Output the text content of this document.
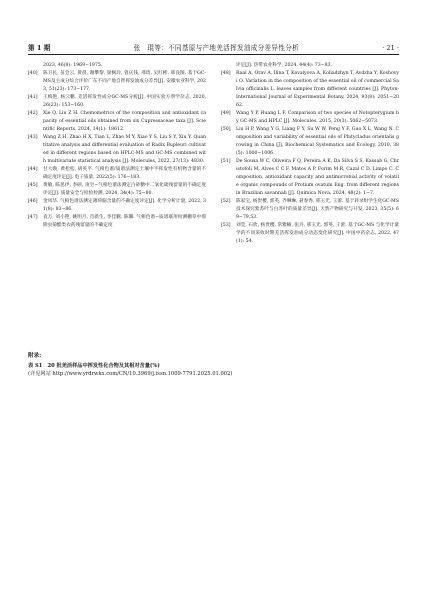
第 1 期	张　琨等：不同基原与产地羌活挥发油成分差异性分析	· 21 ·
2023, 46(8): 1969−1975.
[40]	陈卫民, 苗会云, 黄晨, 谢攀黎, 梁枫玲, 曾庆钱, 邢琦, 吴红彬, 邢良图. 基于GC-MS及主成分综合评价广东不同产地自智挥发油成分差异[J]. 安徽农业科学, 2023, 51(23): 173−177.
[41]	王梅艳, 杨云鹏. 羌活挥发性成分GC-MS分析[J]. 中国实验方剂学杂志, 2020, 26(23): 153−160.
[42]	Xie Q, Liu Z H. Chemometrics of the composition and antioxidant capacity of essential oils obtained from six Cupressaceae taxa [J]. Scientific Reports, 2024, 14(1): 18612.
[43]	Wang Z H, Zhao H X, Tian L, Zhao M Y, Xiao Y S, Liu S Y, Xiu Y. Quantitative analysis and differential evaluation of Radix Bupleuri cultivated in different regions based on HPLC-MS and GC-MS combined with multivariate statistical analysis [J]. Molecules, 2022, 27(13): 4830.
[44]	甘大焕, 黄松松, 胡英平. 气相色谱/质谱法测定土壤中半挥发性有机物含量的不确定度评定[J]. 电子质量, 2022(5): 176−183.
[45]	黄敏, 陈思伊, 李硕, 顶空−气相色谱法测定白砂糖中二氧化硫残留量的不确定度评定[J]. 质量安全与检验检测, 2024, 34(4): 75−80.
[46]	金凤华. 气相色谱法测定薄荷脑含量的不确定度评定[J]. 化学分析计量, 2022, 31(8): 83−86.
[47]	袁万, 刘小艳, 姚明月, 肖新生, 李佳鹏, 陈馨. 气相色谱−质谱联用检测棚草中那除虫菊酯类农药残留量的不确定度
评定[J]. 热带农业科学, 2024, 44(4): 73−83.
[48]	Raal A, Orav A, Ilina T, Kovalyova A, Koliadzhyn T, Avdzha Y, Koshovyi O. Variation in the composition of the essential oil of commercial Salvia officinalis L. leaves samples from different countries [J]. Phyton-International Journal of Experimental Botany, 2024, 93(8): 2051−2062.
[49]	Wang Y P, Huang L F. Comparison of two species of Notopterygium by GC-MS and HPLC [J]. Molecules, 2015, 20(3): 5062−5073.
[50]	Liu H P, Wang Y G, Liang F Y, Su W W, Peng Y F, Guo X L, Wang N. Composition and variability of essential oils of Platycladus orientalis growing in China [J]. Biochemical Systematics and Ecology, 2010, 38(5): 1000−1006.
[51]	De Sousa W C, Oliveira F Q, Pereira A K, Da Silva S S, Kassab G, Christofoli M, Alves C C F, Matos A P, Forim M R, Cazal C D, Limpo C. Composition, antioxidant capacity and antimicrobial activity of volatile organic compounds of Protium ovatum Eng. from different regions in Brazilian savannah [J]. Quimica Nova, 2024, 48(2): 1−7.
[52]	陈家宝, 杨贵樱, 郭英, 齐琳琳, 聂春秀, 邢玉光, 王蕾. 基于转录组学生化GC-MS技术探究紫苏叶与白苏叶的质量差异[J]. 天然产物研究与开发, 2023, 35(5): 69−79,53.
[53]	刘莹, 石欣, 杨贵樱, 常雅楠, 张丹, 邢玉光, 郭英, 王蕾. 基于GC-MS 与化学计量学的不同采收时期羌活挥发油成分动态变化研究[J]. 中国中药杂志, 2022, 47(1): 54.
附录:
表 S1　20 批羌活样品中挥发性化合物及其相对含量(%)
(详见网站 http://www.yrdrwkx.com/CN/10.3969/j.issn.1009-7791.2025.01.002)
